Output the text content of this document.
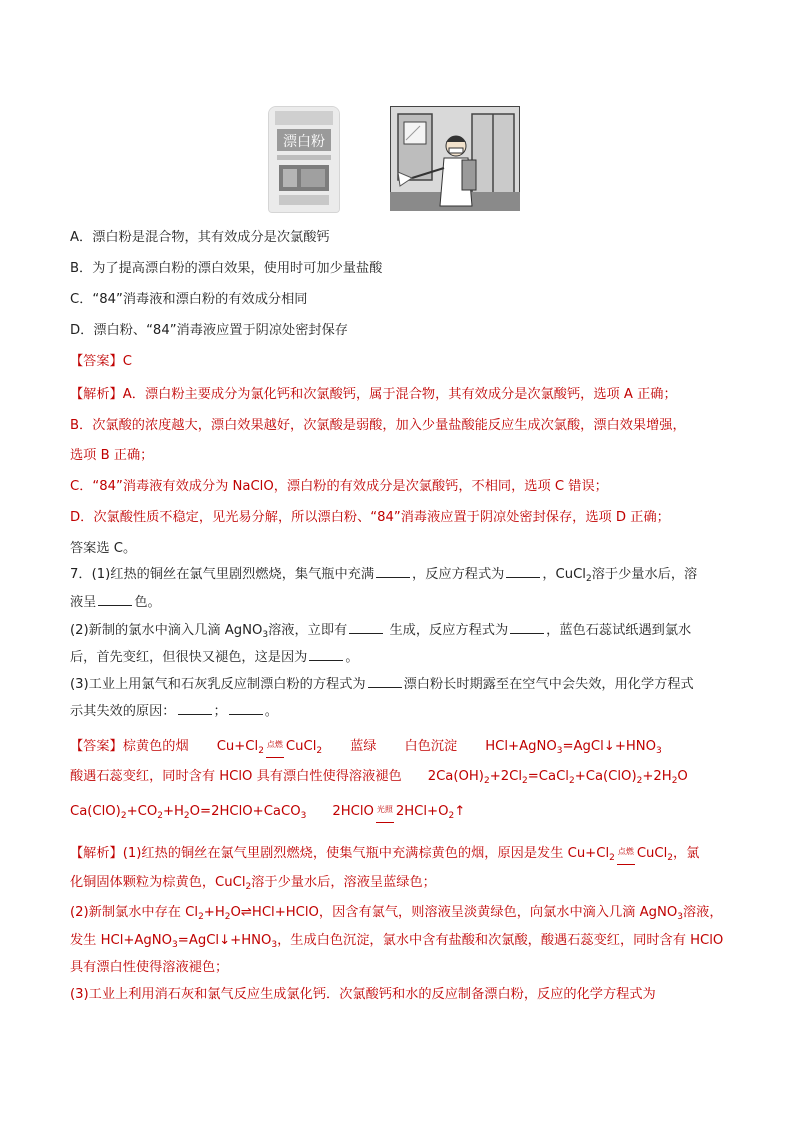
漂白粉

A．漂白粉是混合物，其有效成分是次氯酸钙

B．为了提高漂白粉的漂白效果，使用时可加少量盐酸

C．“84”消毒液和漂白粉的有效成分相同

D．漂白粉、“84”消毒液应置于阴凉处密封保存

【答案】C

【解析】A．漂白粉主要成分为氯化钙和次氯酸钙，属于混合物，其有效成分是次氯酸钙，选项 A 正确；

B．次氯酸的浓度越大，漂白效果越好，次氯酸是弱酸，加入少量盐酸能反应生成次氯酸，漂白效果增强，

选项 B 正确；

C．“84”消毒液有效成分为 NaClO，漂白粉的有效成分是次氯酸钙，不相同，选项 C 错误；

D．次氯酸性质不稳定，见光易分解，所以漂白粉、“84”消毒液应置于阴凉处密封保存，选项 D 正确；

答案选 C。

7．(1)红热的铜丝在氯气里剧烈燃烧，集气瓶中充满	，反应方程式为	，CuCl$_2$溶于少量水后，溶

液呈	色。

(2)新制的氯水中滴入几滴 AgNO$_3$溶液，立即有	生成，反应方程式为	，蓝色石蕊试纸遇到氯水

后，首先变红，但很快又褪色，这是因为	。

(3)工业上用氯气和石灰乳反应制漂白粉的方程式为	漂白粉长时期露至在空气中会失效，用化学方程式

示其失效的原因：	；	。

【答案】棕黄色的烟 $Cu+Cl_2$点燃 CuCl$_2$ 蓝绿 白色沉淀 $HCl+AgNO_3=AgCl↓+HNO_3$

酸遇石蕊变红，同时含有 HClO 具有漂白性使得溶液褪色 $2Ca(OH)_2+2Cl_2=CaCl_2+Ca(ClO)_2+2H_2O$

$Ca(ClO)_2+CO_2+H_2O=2HClO+CaCO_3$ 2HClO 光照 $2HCl+O_2↑$

【解析】(1)红热的铜丝在氯气里剧烈燃烧，使集气瓶中充满棕黄色的烟，原因是发生 $Cu+Cl_2$点燃 CuCl$_2$，氯

化铜固体颗粒为棕黄色，CuCl$_2$溶于少量水后，溶液呈蓝绿色；

(2)新制氯水中存在 $Cl_2+H_2O\rightleftharpoons HCl+HClO$，因含有氯气，则溶液呈淡黄绿色，向氯水中滴入几滴 AgNO$_3$溶液，

发生 $HCl+AgNO_3=AgCl↓+HNO_3$，生成白色沉淀，氯水中含有盐酸和次氯酸，酸遇石蕊变红，同时含有 HClO

具有漂白性使得溶液褪色；

(3)工业上利用消石灰和氯气反应生成氯化钙．次氯酸钙和水的反应制备漂白粉，反应的化学方程式为
